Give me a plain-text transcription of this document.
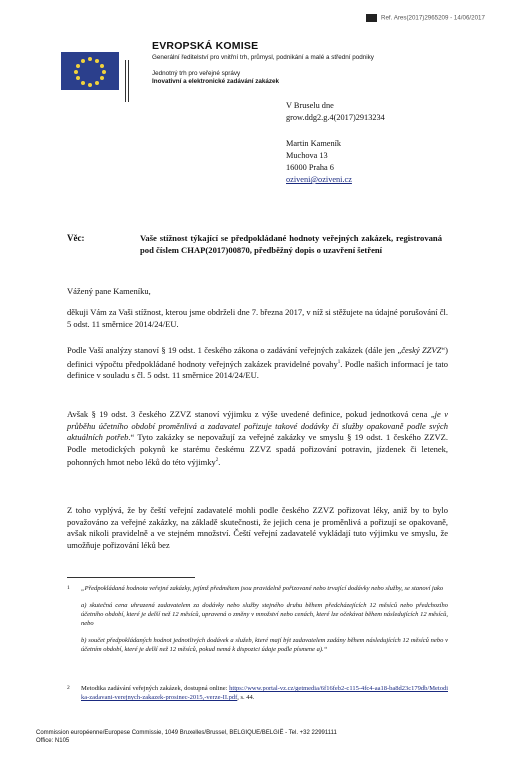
Ref. Ares(2017)2965209 - 14/06/2017
EVROPSKÁ KOMISE
Generální ředitelství pro vnitřní trh, průmysl, podnikání a malé a střední podniky
Jednotný trh pro veřejné správy
Inovativní a elektronické zadávání zakázek
V Bruselu dne
grow.ddg2.g.4(2017)2913234
Martin Kameník
Muchova 13
16000 Praha 6
oziveni@oziveni.cz
Věc:	Vaše stížnost týkající se předpokládané hodnoty veřejných zakázek, registrovaná pod číslem CHAP(2017)00870, předběžný dopis o uzavření šetření
Vážený pane Kameníku,
děkuji Vám za Vaši stížnost, kterou jsme obdrželi dne 7. března 2017, v níž si stěžujete na údajné porušování čl. 5 odst. 11 směrnice 2014/24/EU.
Podle Vaší analýzy stanoví § 19 odst. 1 českého zákona o zadávání veřejných zakázek (dále jen „český ZZVZ“) definici výpočtu předpokládané hodnoty veřejných zakázek pravidelné povahy$^1$. Podle našich informací je tato definice v souladu s čl. 5 odst. 11 směrnice 2014/24/EU.
Avšak § 19 odst. 3 českého ZZVZ stanoví výjimku z výše uvedené definice, pokud jednotková cena „je v průběhu účetního období proměnlivá a zadavatel pořizuje takové dodávky či služby opakovaně podle svých aktuálních potřeb.“ Tyto zakázky se nepovažují za veřejné zakázky ve smyslu § 19 odst. 1 českého ZZVZ. Podle metodických pokynů ke starému českému ZZVZ spadá pořizování potravin, jízdenek či letenek, pohonných hmot nebo léků do této výjimky$^2$.
Z toho vyplývá, že by čeští veřejní zadavatelé mohli podle českého ZZVZ pořizovat léky, aniž by to bylo považováno za veřejné zakázky, na základě skutečnosti, že jejich cena je proměnlivá a pořizují se opakovaně, avšak nikoli pravidelně a ve stejném množství. Čeští veřejní zadavatelé vykládají tuto výjimku ve smyslu, že umožňuje pořizování léků bez
1 „Předpokládaná hodnota veřejné zakázky, jejímž předmětem jsou pravidelně pořizované nebo trvající dodávky nebo služby, se stanoví jako
a) skutečná cena uhrazená zadavatelem za dodávky nebo služby stejného druhu během předcházejících 12 měsíců nebo předchozího účetního období, které je delší než 12 měsíců, upravená o změny v množství nebo cenách, které lze očekávat během následujících 12 měsíců, nebo
b) součet předpokládaných hodnot jednotlivých dodávek a služeb, které mají být zadavatelem zadány během následujících 12 měsíců nebo v účetním období, které je delší než 12 měsíců, pokud nemá k dispozici údaje podle písmene a).“
2 Metodika zadávání veřejných zakázek, dostupná online: https://www.portal-vz.cz/getmedia/6f16feb2-c115-4fc4-aa18-ba8d23c179db/Metodika-zadavani-verejnych-zakazek-prosinec-2015,-verze-II.pdf, s. 44.
Commission européenne/Europese Commissie, 1049 Bruxelles/Brussel, BELGIQUE/BELGIË - Tel. +32 22991111
Office: N105
